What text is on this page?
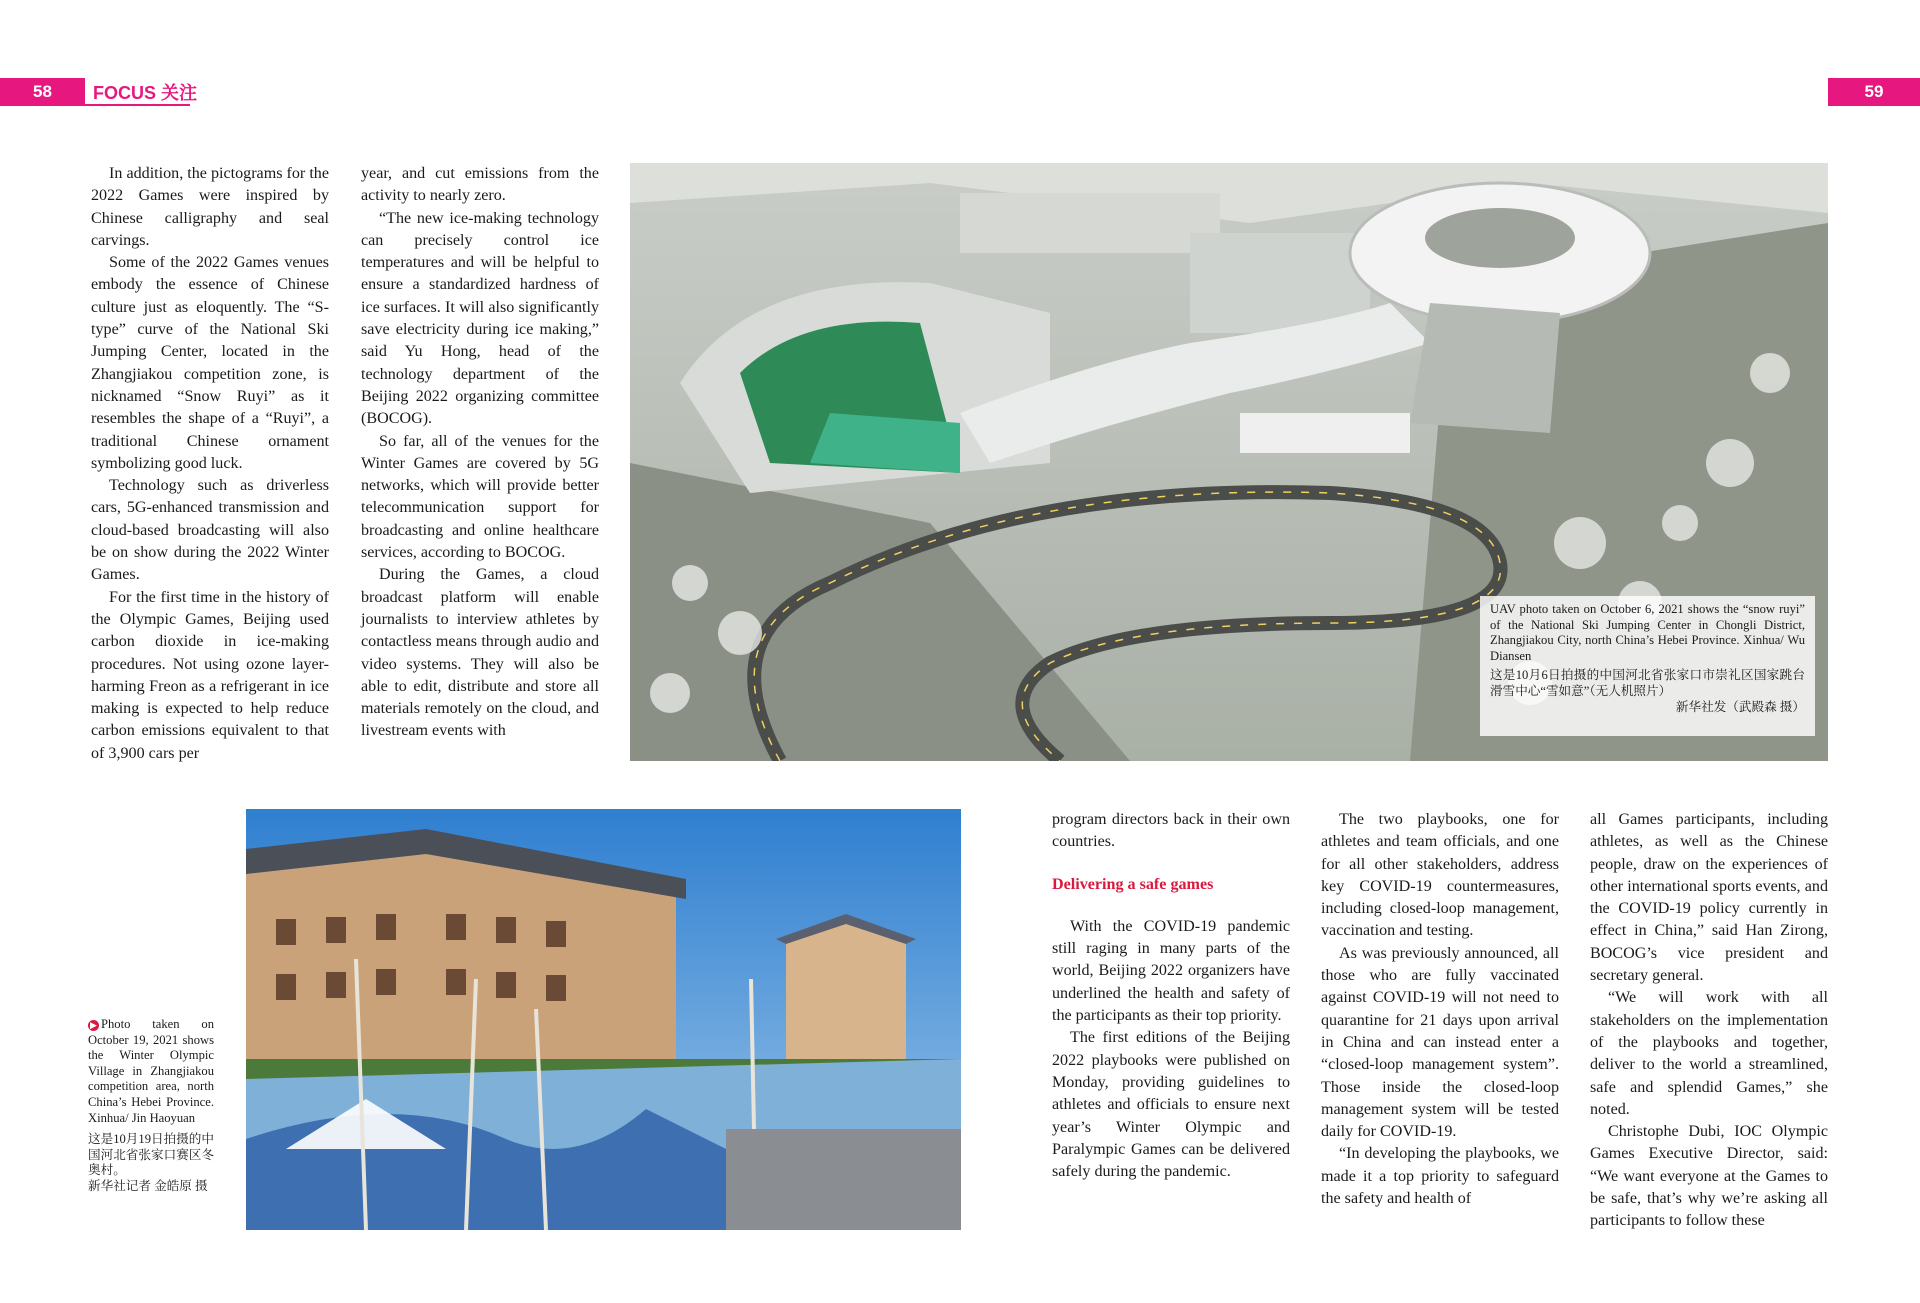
58	FOCUS 关注	59

In addition, the pictograms for the 2022 Games were inspired by Chinese calligraphy and seal carvings.

Some of the 2022 Games venues embody the essence of Chinese culture just as eloquently. The “S-type” curve of the National Ski Jumping Center, located in the Zhangjiakou competition zone, is nicknamed “Snow Ruyi” as it resembles the shape of a “Ruyi”, a traditional Chinese ornament symbolizing good luck.

Technology such as driverless cars, 5G-enhanced transmission and cloud-based broadcasting will also be on show during the 2022 Winter Games.

For the first time in the history of the Olympic Games, Beijing used carbon dioxide in ice-making procedures. Not using ozone layer-harming Freon as a refrigerant in ice making is expected to help reduce carbon emissions equivalent to that of 3,900 cars per

year, and cut emissions from the activity to nearly zero.

“The new ice-making technology can precisely control ice temperatures and will be helpful to ensure a standardized hardness of ice surfaces. It will also significantly save electricity during ice making,” said Yu Hong, head of the technology department of the Beijing 2022 organizing committee (BOCOG).

So far, all of the venues for the Winter Games are covered by 5G networks, which will provide better telecommunication support for broadcasting and online healthcare services, according to BOCOG.

During the Games, a cloud broadcast platform will enable journalists to interview athletes by contactless means through audio and video systems. They will also be able to edit, distribute and store all materials remotely on the cloud, and livestream events with

UAV photo taken on October 6, 2021 shows the “snow ruyi” of the National Ski Jumping Center in Chongli District, Zhangjiakou City, north China’s Hebei Province. Xinhua/ Wu Diansen
这是10月6日拍摄的中国河北省张家口市崇礼区国家跳台滑雪中心“雪如意”（无人机照片）
新华社发（武殿森 摄）
▶ Photo taken on October 19, 2021 shows the Winter Olympic Village in Zhangjiakou competition area, north China’s Hebei Province. Xinhua/ Jin Haoyuan
这是10月19日拍摄的中国河北省张家口赛区冬奥村。
新华社记者 金皓原 摄

program directors back in their own countries.

Delivering a safe games

With the COVID-19 pandemic still raging in many parts of the world, Beijing 2022 organizers have underlined the health and safety of the participants as their top priority.

The first editions of the Beijing 2022 playbooks were published on Monday, providing guidelines to athletes and officials to ensure next year’s Winter Olympic and Paralympic Games can be delivered safely during the pandemic.

The two playbooks, one for athletes and team officials, and one for all other stakeholders, address key COVID-19 countermeasures, including closed-loop management, vaccination and testing.

As was previously announced, all those who are fully vaccinated against COVID-19 will not need to quarantine for 21 days upon arrival in China and can instead enter a “closed-loop management system”. Those inside the closed-loop management system will be tested daily for COVID-19.

“In developing the playbooks, we made it a top priority to safeguard the safety and health of

all Games participants, including athletes, as well as the Chinese people, draw on the experiences of other international sports events, and the COVID-19 policy currently in effect in China,” said Han Zirong, BOCOG’s vice president and secretary general.

“We will work with all stakeholders on the implementation of the playbooks and together, deliver to the world a streamlined, safe and splendid Games,” she noted.

Christophe Dubi, IOC Olympic Games Executive Director, said: “We want everyone at the Games to be safe, that’s why we’re asking all participants to follow these
